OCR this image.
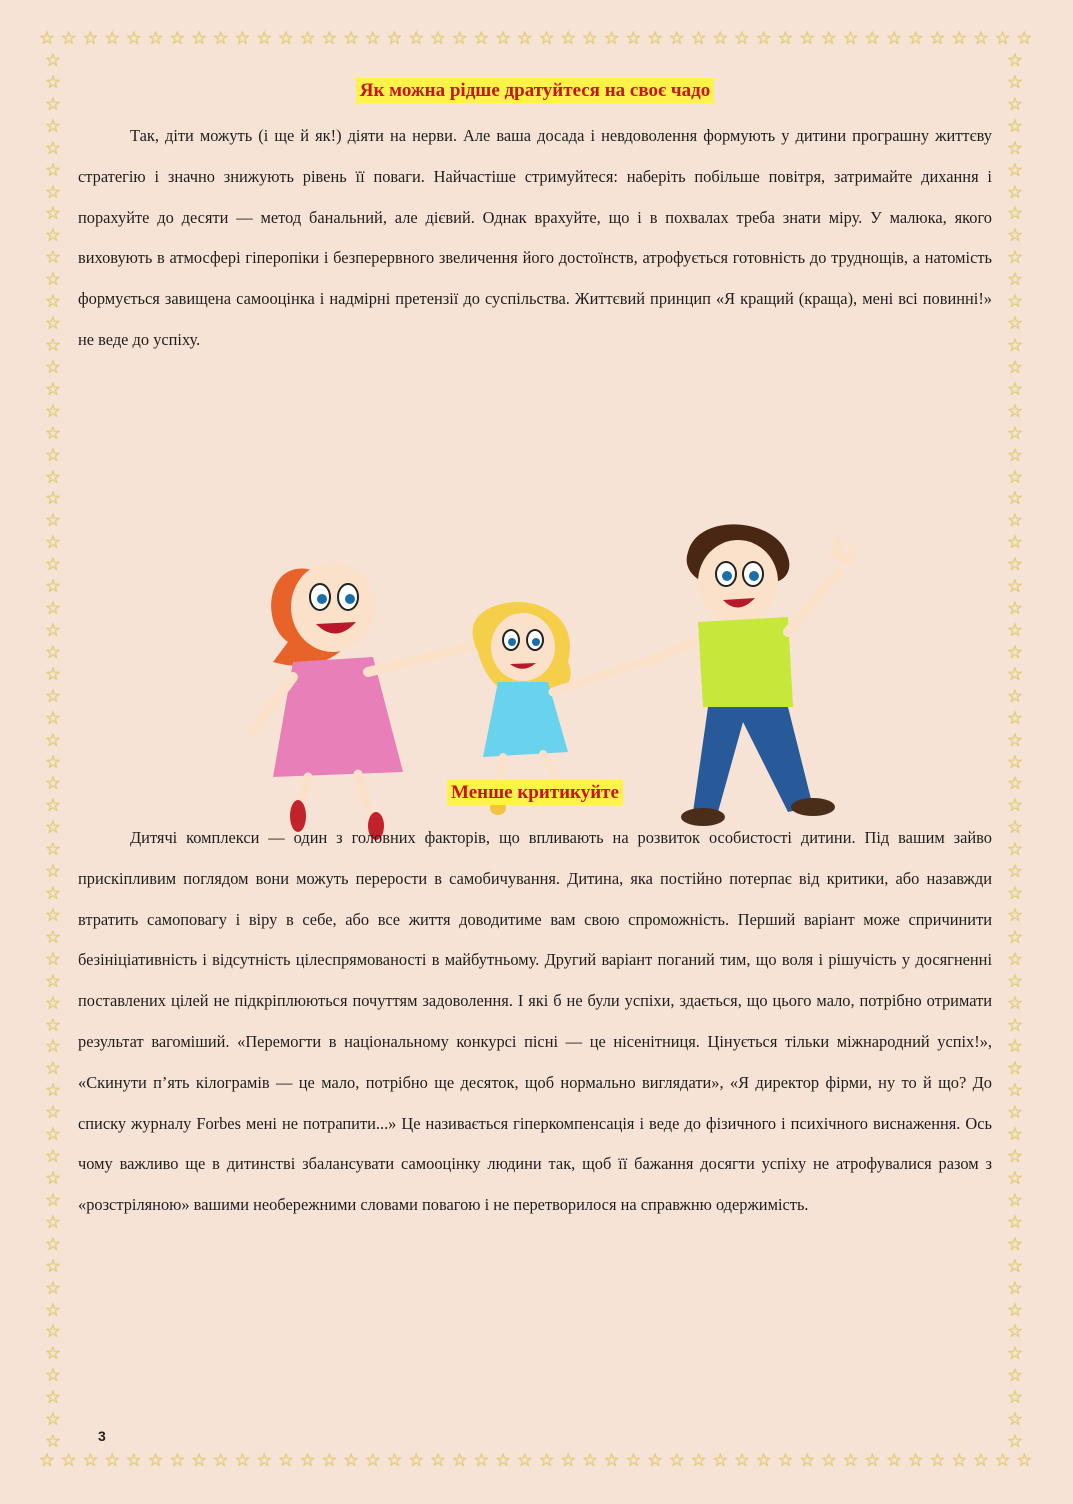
☆ ☆ ☆ ☆ ☆ ☆ ☆ ☆ ☆ ☆ ☆ ☆ ☆ ☆ ☆ ☆ ☆ ☆ ☆ ☆ ☆ ☆ ☆ ☆ ☆ ☆ ☆ ☆ ☆ ☆ ☆ ☆ ☆ ☆ ☆ ☆ ☆ ☆ ☆ ☆ ☆ ☆ ☆ ☆ ☆ ☆
☆ ☆ ☆ ☆ ☆ ☆ ☆ ☆ ☆ ☆ ☆ ☆ ☆ ☆ ☆ ☆ ☆ ☆ ☆ ☆ ☆ ☆ ☆ ☆ ☆ ☆ ☆ ☆ ☆ ☆ ☆ ☆ ☆ ☆ ☆ ☆ ☆ ☆ ☆ ☆ ☆ ☆ ☆ ☆ ☆ ☆
☆
☆
☆
☆
☆
☆
☆
☆
☆
☆
☆
☆
☆
☆
☆
☆
☆
☆
☆
☆
☆
☆
☆
☆
☆
☆
☆
☆
☆
☆
☆
☆
☆
☆
☆
☆
☆
☆
☆
☆
☆
☆
☆
☆
☆
☆
☆
☆
☆
☆
☆
☆
☆
☆
☆
☆
☆
☆
☆
☆
☆
☆
☆
☆
☆
☆
☆
☆
☆
☆
☆
☆
☆
☆
☆
☆
☆
☆
☆
☆
☆
☆
☆
☆
☆
☆
☆
☆
☆
☆
☆
☆
☆
☆
☆
☆
☆
☆
☆
☆
☆
☆
☆
☆
☆
☆
☆
☆
☆
☆
☆
☆
☆
☆
☆
☆
☆
☆
☆
☆
☆
☆
☆
☆
☆
☆
☆
☆
Як можна рідше дратуйтеся на своє чадо

Так, діти можуть (і ще й як!) діяти на нерви. Але ваша досада і невдоволення формують у дитини програшну життєву стратегію і значно знижують рівень її поваги. Найчастіше стримуйтеся: наберіть побільше повітря, затримайте дихання і порахуйте до десяти — метод банальний, але дієвий. Однак врахуйте, що і в похвалах треба знати міру. У малюка, якого виховують в атмосфері гіперопіки і безперервного звеличення його достоїнств, атрофується готовність до труднощів, а натомість формується завищена самооцінка і надмірні претензії до суспільства. Життєвий принцип «Я кращий (краща), мені всі повинні!» не веде до успіху.

Менше критикуйте

Дитячі комплекси — один з головних факторів, що впливають на розвиток особистості дитини. Під вашим зайво прискіпливим поглядом вони можуть перерости в самобичування. Дитина, яка постійно потерпає від критики, або назавжди втратить самоповагу і віру в себе, або все життя доводитиме вам свою спроможність. Перший варіант може спричинити безініціативність і відсутність цілеспрямованості в майбутньому. Другий варіант поганий тим, що воля і рішучість у досягненні поставлених цілей не підкріплюються почуттям задоволення. І які б не були успіхи, здається, що цього мало, потрібно отримати результат вагоміший. «Перемогти в національному конкурсі пісні — це нісенітниця. Цінується тільки міжнародний успіх!», «Скинути п’ять кілограмів — це мало, потрібно ще десяток, щоб нормально виглядати», «Я директор фірми, ну то й що? До списку журналу Forbes мені не потрапити...» Це називається гіперкомпенсація і веде до фізичного і психічного виснаження. Ось чому важливо ще в дитинстві збалансувати самооцінку людини так, щоб її бажання досягти успіху не атрофувалися разом з «розстріляною» вашими необережними словами повагою і не перетворилося на справжню одержимість.

3
